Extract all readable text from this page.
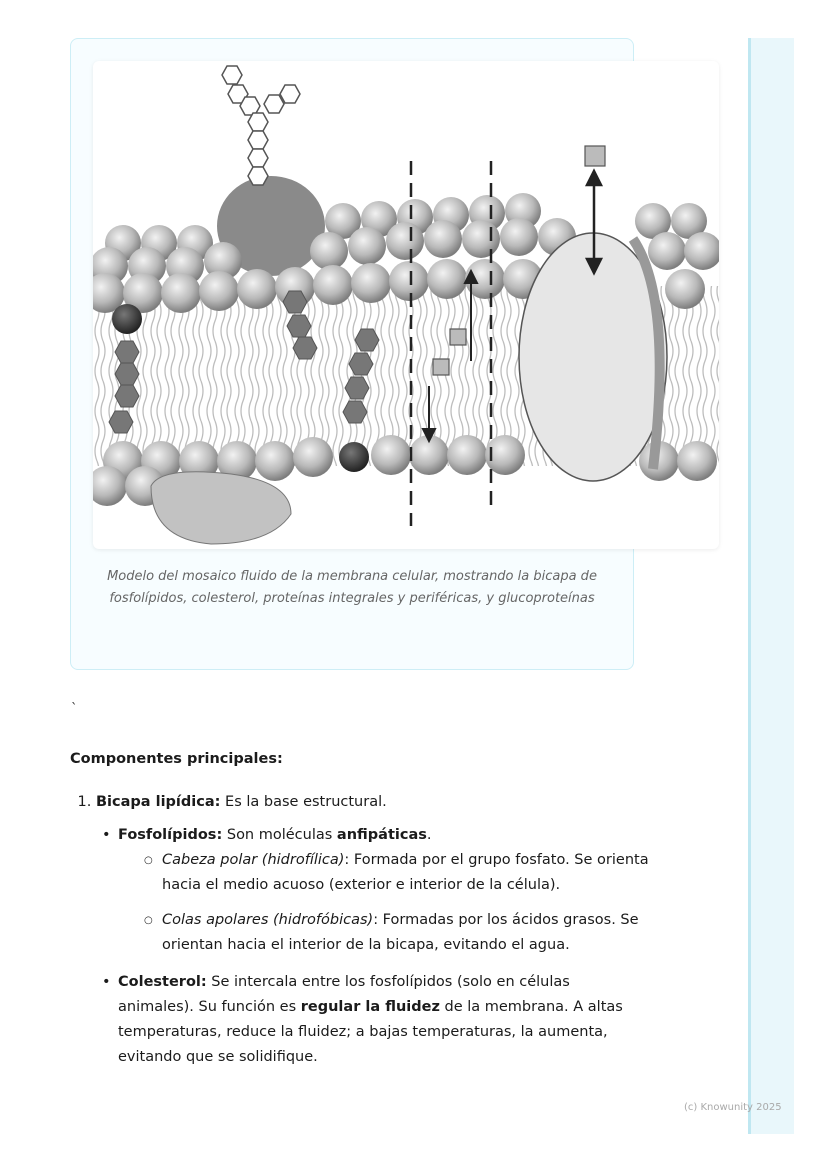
Modelo del mosaico fluido de la membrana celular, mostrando la bicapa de fosfolípidos, colesterol, proteínas integrales y periféricas, y glucoproteínas
`
Componentes principales:
1. Bicapa lipídica: Es la base estructural.
• Fosfolípidos: Son moléculas anfipáticas.
○ Cabeza polar (hidrofílica): Formada por el grupo fosfato. Se orienta hacia el medio acuoso (exterior e interior de la célula).
○ Colas apolares (hidrofóbicas): Formadas por los ácidos grasos. Se orientan hacia el interior de la bicapa, evitando el agua.
• Colesterol: Se intercala entre los fosfolípidos (solo en células animales). Su función es regular la fluidez de la membrana. A altas temperaturas, reduce la fluidez; a bajas temperaturas, la aumenta, evitando que se solidifique.
(c) Knowunity 2025
